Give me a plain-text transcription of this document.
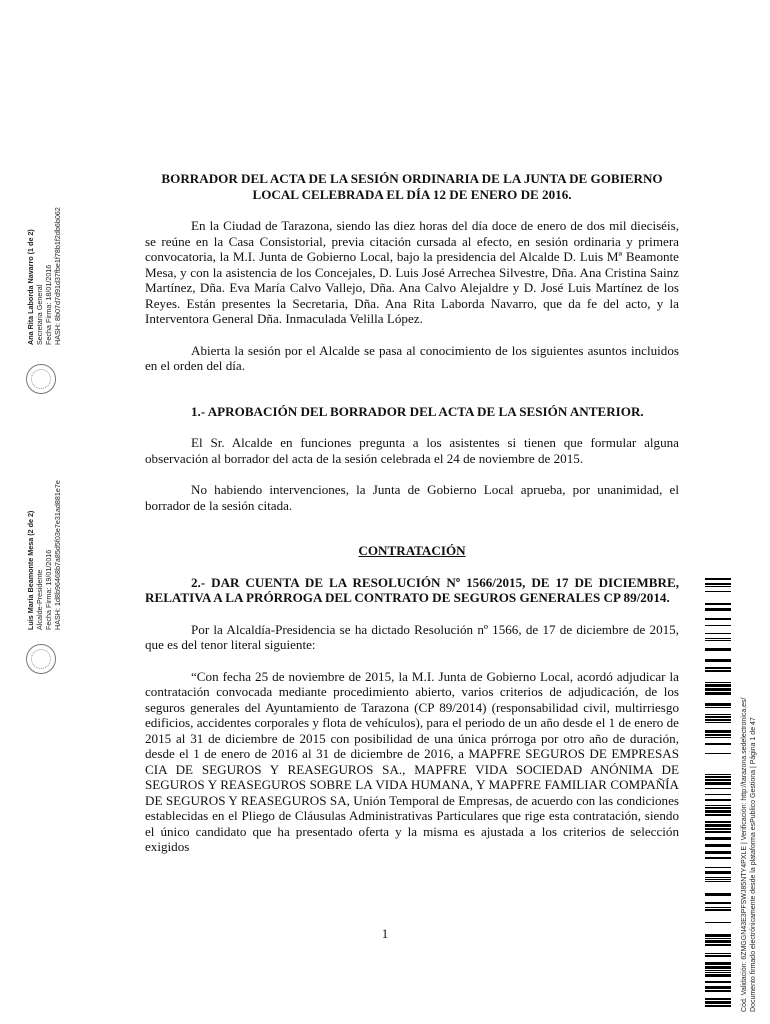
Ana Rita Laborda Navarro (1 de 2) Secretaria General Fecha Firma: 18/01/2016 HASH: 8b07d7d91d37fbe1f78b1f2db6b062
Luis María Beamonte Mesa (2 de 2) Alcalde-Presidente Fecha Firma: 19/01/2016 HASH: 1d8b96468b7a85d5f03e7e31ad881e7e
Cód. Validación: 6ZMGGN43E3PFSWJ85NTY4PXLE | Verificación: http://tarazona.sedelectronica.es/ Documento firmado electrónicamente desde la plataforma esPublico Gestiona | Página 1 de 47
BORRADOR DEL ACTA DE LA SESIÓN ORDINARIA DE LA JUNTA DE GOBIERNO LOCAL CELEBRADA EL DÍA 12 DE ENERO DE 2016.

En la Ciudad de Tarazona, siendo las diez horas del día doce de enero de dos mil dieciséis, se reúne en la Casa Consistorial, previa citación cursada al efecto, en sesión ordinaria y primera convocatoria, la M.I. Junta de Gobierno Local, bajo la presidencia del Alcalde D. Luis Mª Beamonte Mesa, y con la asistencia de los Concejales, D. Luis José Arrechea Silvestre, Dña. Ana Cristina Sainz Martínez, Dña. Eva María Calvo Vallejo, Dña. Ana Calvo Alejaldre y D. José Luis Martínez de los Reyes. Están presentes la Secretaria, Dña. Ana Rita Laborda Navarro, que da fe del acto, y la Interventora General Dña. Inmaculada Velilla López.

Abierta la sesión por el Alcalde se pasa al conocimiento de los siguientes asuntos incluidos en el orden del día.

1.- APROBACIÓN DEL BORRADOR DEL ACTA DE LA SESIÓN ANTERIOR.

El Sr. Alcalde en funciones pregunta a los asistentes si tienen que formular alguna observación al borrador del acta de la sesión celebrada el 24 de noviembre de 2015.

No habiendo intervenciones, la Junta de Gobierno Local aprueba, por unanimidad, el borrador de la sesión citada.

CONTRATACIÓN

2.- DAR CUENTA DE LA RESOLUCIÓN Nº 1566/2015, DE 17 DE DICIEMBRE, RELATIVA A LA PRÓRROGA DEL CONTRATO DE SEGUROS GENERALES CP 89/2014.

Por la Alcaldía-Presidencia se ha dictado Resolución nº 1566, de 17 de diciembre de 2015, que es del tenor literal siguiente:

“Con fecha 25 de noviembre de 2015, la M.I. Junta de Gobierno Local, acordó adjudicar la contratación convocada mediante procedimiento abierto, varios criterios de adjudicación, de los seguros generales del Ayuntamiento de Tarazona (CP 89/2014) (responsabilidad civil, multirriesgo edificios, accidentes corporales y flota de vehículos), para el periodo de un año desde el 1 de enero de 2015 al 31 de diciembre de 2015 con posibilidad de una única prórroga por otro año de duración, desde el 1 de enero de 2016 al 31 de diciembre de 2016, a MAPFRE SEGUROS DE EMPRESAS CIA DE SEGUROS Y REASEGUROS SA., MAPFRE VIDA SOCIEDAD ANÓNIMA DE SEGUROS Y REASEGUROS SOBRE LA VIDA HUMANA, Y MAPFRE FAMILIAR COMPAÑÍA DE SEGUROS Y REASEGUROS SA, Unión Temporal de Empresas, de acuerdo con las condiciones establecidas en el Pliego de Cláusulas Administrativas Particulares que rige esta contratación, siendo el único candidato que ha presentado oferta y la misma es ajustada a los criterios de selección exigidos

1
